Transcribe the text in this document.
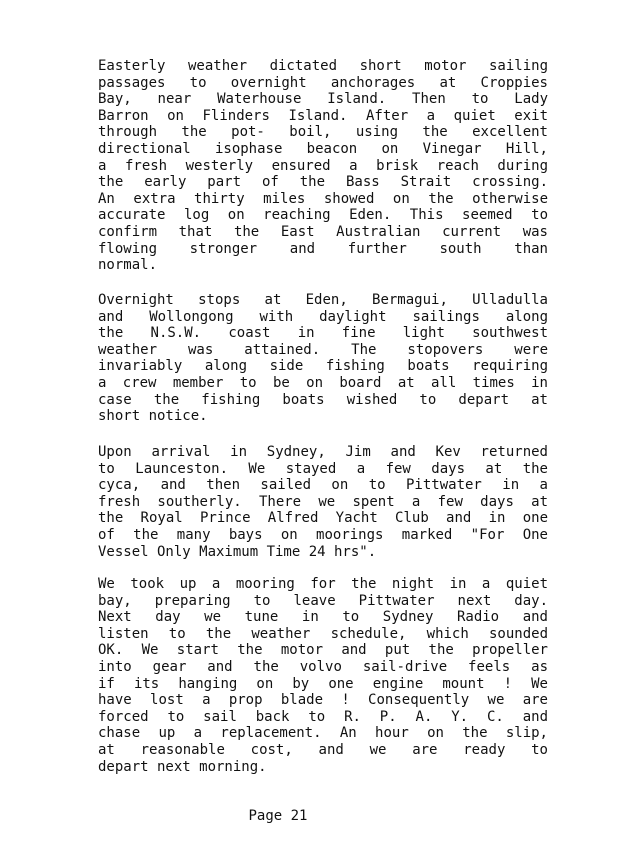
Easterly weather dictated short motor sailing
passages to overnight anchorages at Croppies
Bay, near Waterhouse Island. Then to Lady
Barron on Flinders Island. After a quiet exit
through the pot- boil, using the excellent
directional isophase beacon on Vinegar Hill,
a fresh westerly ensured a brisk reach during
the early part of the Bass Strait crossing.
An extra thirty miles showed on the otherwise
accurate log on reaching Eden. This seemed to
confirm that the East Australian current was
flowing stronger and further south than
normal.
Overnight stops at Eden, Bermagui, Ulladulla
and Wollongong with daylight sailings along
the N.S.W. coast in fine light southwest
weather was attained. The stopovers were
invariably along side fishing boats requiring
a crew member to be on board at all times in
case the fishing boats wished to depart at
short notice.
Upon arrival in Sydney, Jim and Kev returned
to Launceston. We stayed a few days at the
cyca, and then sailed on to Pittwater in a
fresh southerly. There we spent a few days at
the Royal Prince Alfred Yacht Club and in one
of the many bays on moorings marked "For One
Vessel Only Maximum Time 24 hrs".
We took up a mooring for the night in a quiet
bay, preparing to leave Pittwater next day.
Next day we tune in to Sydney Radio and
listen to the weather schedule, which sounded
OK. We start the motor and put the propeller
into gear and the volvo sail-drive feels as
if its hanging on by one engine mount ! We
have lost a prop blade ! Consequently we are
forced to sail back to R. P. A. Y. C. and
chase up a replacement. An hour on the slip,
at reasonable cost, and we are ready to
depart next morning.
Page 21
